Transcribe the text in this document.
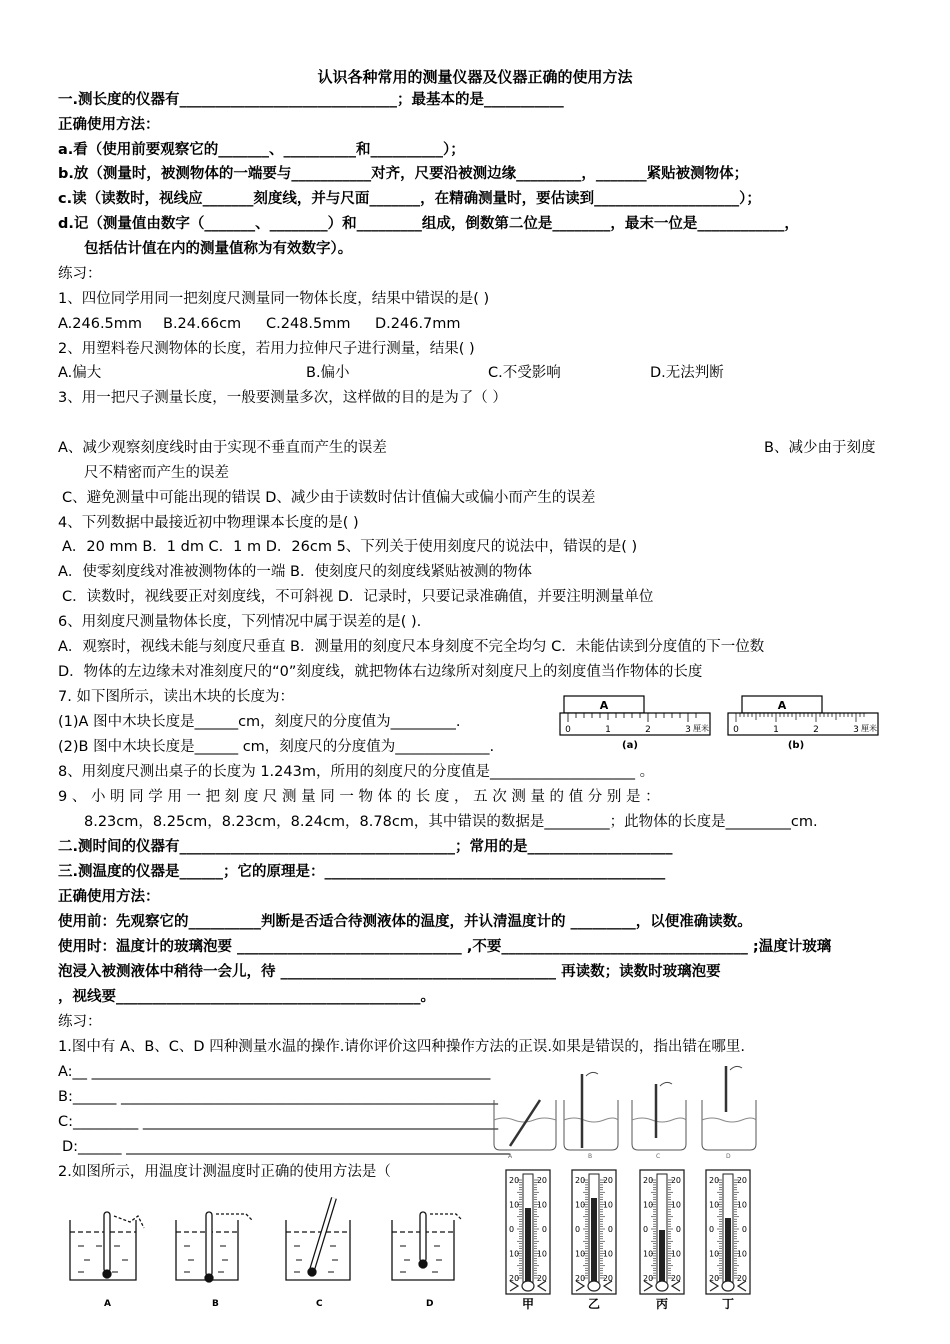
认识各种常用的测量仪器及仪器正确的使用方法
一.测长度的仪器有______________________________；最基本的是___________
正确使用方法：
a.看（使用前要观察它的_______、__________和__________）；
b.放（测量时，被测物体的一端要与___________对齐，尺要沿被测边缘_________，_______紧贴被测物体；
c.读（读数时，视线应_______刻度线，并与尺面_______，在精确测量时，要估读到____________________）；
d.记（测量值由数字（_______、________）和_________组成，倒数第二位是________，最末一位是____________，
包括估计值在内的测量值称为有效数字）。
练习：
1、四位同学用同一把刻度尺测量同一物体长度，结果中错误的是( )
A.246.5mm B.24.66cm C.248.5mm D.246.7mm
2、用塑料卷尺测物体的长度，若用力拉伸尺子进行测量，结果( )
A.偏大	B.偏小	C.不受影响	D.无法判断
3、用一把尺子测量长度，一般要测量多次，这样做的目的是为了（ ）
A、减少观察刻度线时由于实现不垂直而产生的误差	B、减少由于刻度
尺不精密而产生的误差
C、避免测量中可能出现的错误 D、减少由于读数时估计值偏大或偏小而产生的误差
4、下列数据中最接近初中物理课本长度的是( )
A．20 mm B．1 dm C．1 m D．26cm 5、下列关于使用刻度尺的说法中，错误的是( )
A．使零刻度线对准被测物体的一端 B．使刻度尺的刻度线紧贴被测的物体
C．读数时，视线要正对刻度线，不可斜视 D．记录时，只要记录准确值，并要注明测量单位
6、用刻度尺测量物体长度，下列情况中属于误差的是( ).
A．观察时，视线未能与刻度尺垂直 B．测量用的刻度尺本身刻度不完全均匀 C．未能估读到分度值的下一位数
D．物体的左边缘未对准刻度尺的“0”刻度线，就把物体右边缘所对刻度尺上的刻度值当作物体的长度
7. 如下图所示，读出木块的长度为：
(1)A 图中木块长度是______cm，刻度尺的分度值为_________.
(2)B 图中木块长度是______ cm，刻度尺的分度值为_____________.
A
0	1	2	3 厘米
(a)
A
0	1	2	3 厘米
(b)
8、用刻度尺测出桌子的长度为 1.243m，所用的刻度尺的分度值是____________________ 。
9 、 小 明 同 学 用 一 把 刻 度 尺 测 量 同 一 物 体 的 长 度 ， 五 次 测 量 的 值 分 别 是 ：
8.23cm，8.25cm，8.23cm，8.24cm，8.78cm，其中错误的数据是_________；此物体的长度是_________cm.
二.测时间的仪器有______________________________________；常用的是____________________
三.测温度的仪器是______；它的原理是：_______________________________________________
正确使用方法：
使用前：先观察它的__________判断是否适合待测液体的温度，并认清温度计的 _________，以便准确读数。
使用时：温度计的玻璃泡要 _______________________________ ,不要__________________________________ ;温度计玻璃
泡浸入被测液体中稍待一会儿，待 ______________________________________ 再读数；读数时玻璃泡要
，视线要__________________________________________。
练习：
1.图中有 A、B、C、D 四种测量水温的操作.请你评价这四种操作方法的正误.如果是错误的，指出错在哪里.
A:__ _______________________________________________________
B:______ ____________________________________________________
C:_________ _________________________________________________
D:______ _____________________________________________________
2.如图所示，用温度计测温度时正确的使用方法是（
A	B	C	D
A	B	C	D
20 20
10 10
0	0
10 10
20 20
甲
20 20
10 10
0	0
10 10
20 20
乙
20 20
10 10
0	0
10 10
20 20
丙
20 20
10 10
0	0
10 10
20 20
丁
